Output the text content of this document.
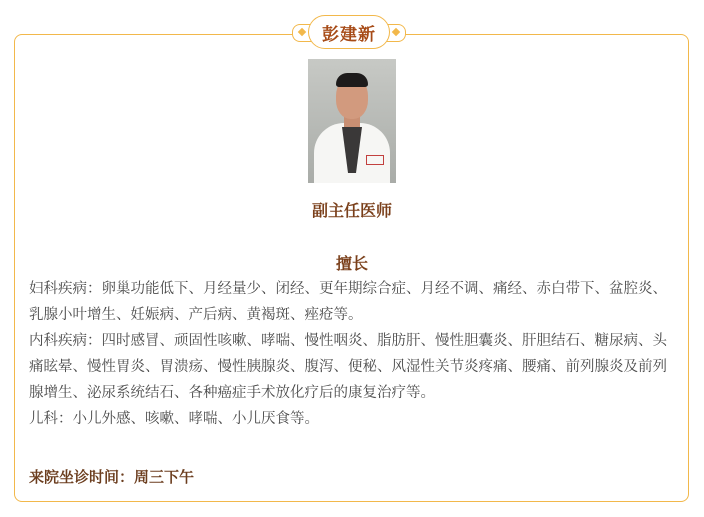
彭建新
副主任医师
擅长

妇科疾病：卵巢功能低下、月经量少、闭经、更年期综合症、月经不调、痛经、赤白带下、盆腔炎、

乳腺小叶增生、妊娠病、产后病、黄褐斑、痤疮等。

内科疾病：四时感冒、顽固性咳嗽、哮喘、慢性咽炎、脂肪肝、慢性胆囊炎、肝胆结石、糖尿病、头

痛眩晕、慢性胃炎、胃溃疡、慢性胰腺炎、腹泻、便秘、风湿性关节炎疼痛、腰痛、前列腺炎及前列

腺增生、泌尿系统结石、各种癌症手术放化疗后的康复治疗等。

儿科：小儿外感、咳嗽、哮喘、小儿厌食等。

来院坐诊时间：周三下午
